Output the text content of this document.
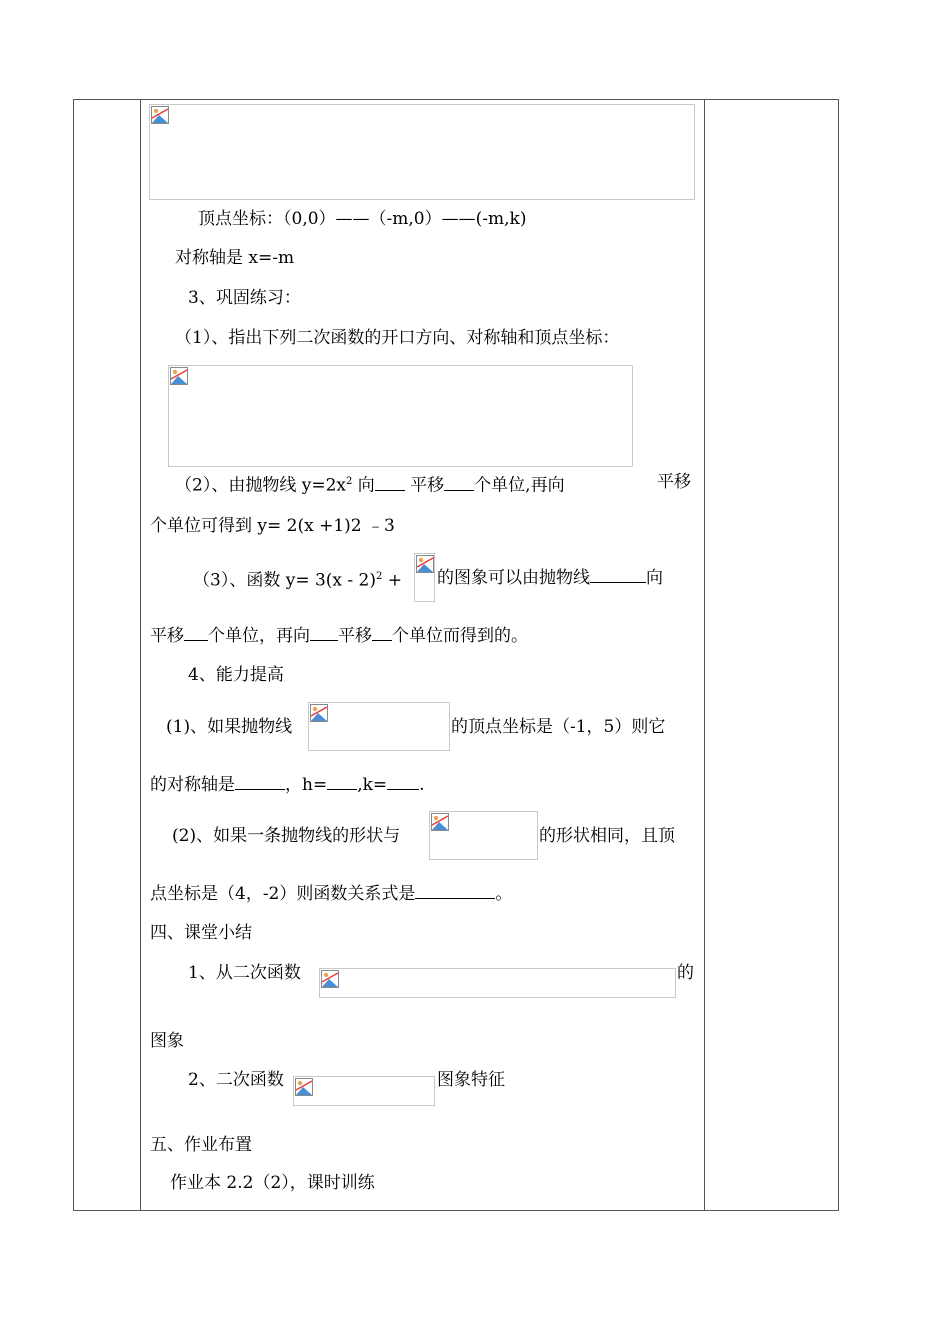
顶点坐标：（0,0）——（-m,0）——(-m,k)
对称轴是 x=-m
3、巩固练习：
（1）、指出下列二次函数的开口方向、对称轴和顶点坐标：
（2）、由抛物线 $y=2x^2$ 向 平移 个单位,再向	平移
个单位可得到 y= 2(x +1)2 ﹣3
（3）、函数 y= 3(x - 2)$^2$ + 的图象可以由抛物线	向
平移 个单位，再向 平移 个单位而得到的。
4、能力提高
(1)、如果抛物线	的顶点坐标是（-1，5）则它
的对称轴是	，h= ,k= .
(2)、如果一条抛物线的形状与	的形状相同，且顶
点坐标是（4，-2）则函数关系式是	。
四、课堂小结
1、从二次函数	的
图象
2、二次函数	图象特征
五、作业布置
作业本 2.2（2），课时训练
